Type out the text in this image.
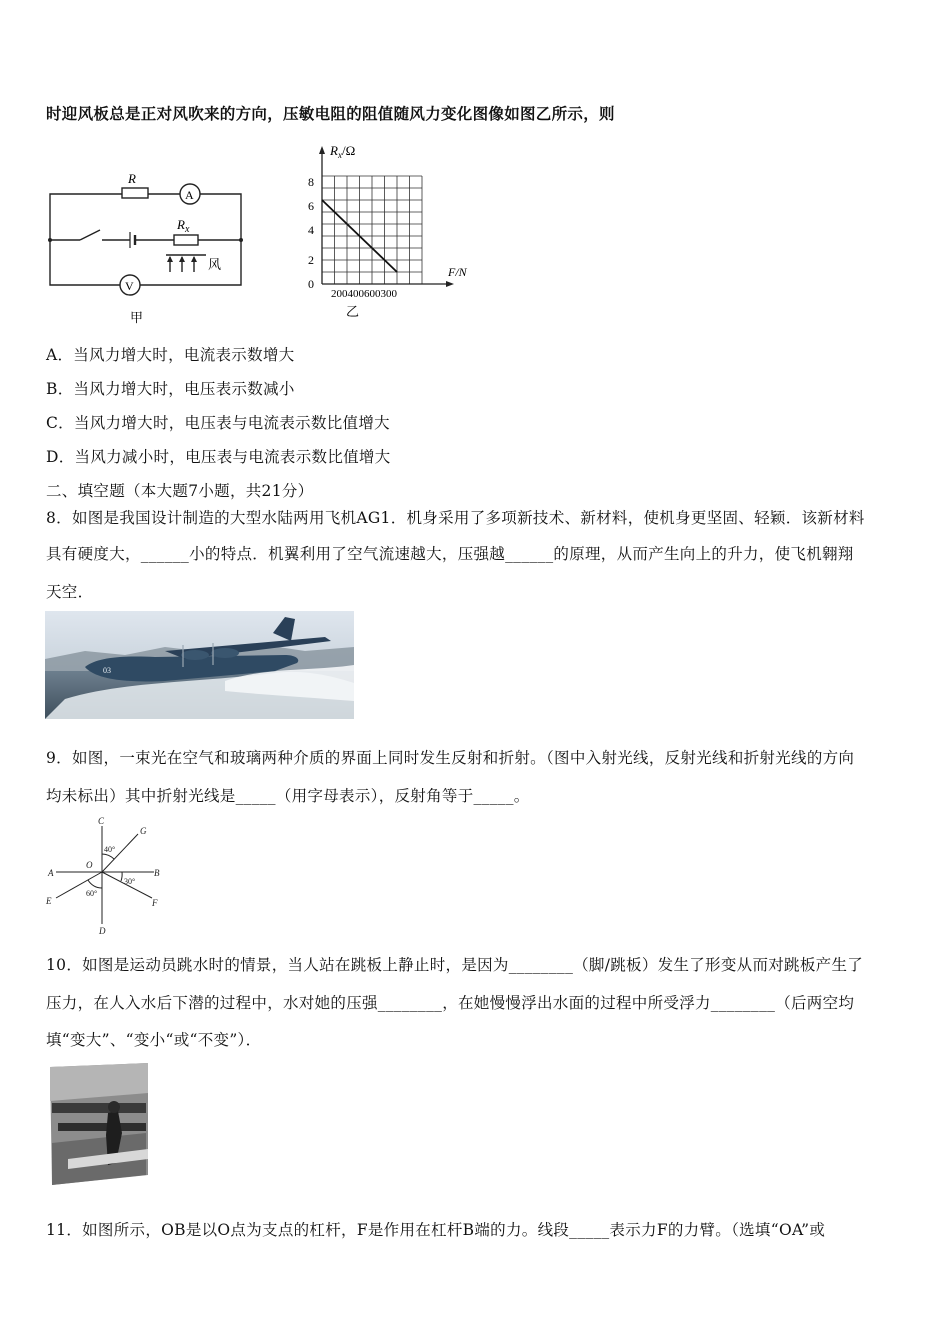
时迎风板总是正对风吹来的方向，压敏电阻的阻值随风力变化图像如图乙所示，则
R
A
V
$R_x$
风
甲
$R_x/\Omega$
8
6
4
2
0
200400600300
F/N
乙
A．当风力增大时，电流表示数增大
B．当风力增大时，电压表示数减小
C．当风力增大时，电压表与电流表示数比值增大
D．当风力减小时，电压表与电流表示数比值增大
二、填空题（本大题7小题，共21分）
8．如图是我国设计制造的大型水陆两用飞机AG1．机身采用了多项新技术、新材料，使机身更坚固、轻颖．该新材料
具有硬度大，______小的特点．机翼利用了空气流速越大，压强越______的原理，从而产生向上的升力，使飞机翱翔
天空．
03
9．如图，一束光在空气和玻璃两种介质的界面上同时发生反射和折射。（图中入射光线，反射光线和折射光线的方向
均未标出）其中折射光线是_____（用字母表示），反射角等于_____。
C
G
O
A	B
E	F
D
40°
30°
60°
10．如图是运动员跳水时的情景，当人站在跳板上静止时，是因为________（脚/跳板）发生了形变从而对跳板产生了
压力，在人入水后下潜的过程中，水对她的压强________，在她慢慢浮出水面的过程中所受浮力________（后两空均
填“变大”、“变小“或“不变”）．
11．如图所示，OB是以O点为支点的杠杆，F是作用在杠杆B端的力。线段_____表示力F的力臂。（选填“OA”或
